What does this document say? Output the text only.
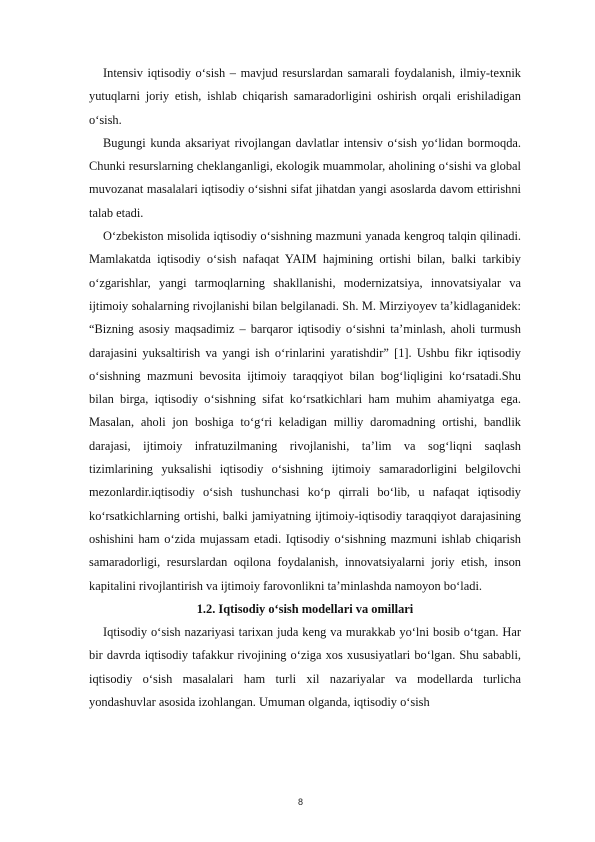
Intensiv iqtisodiy o‘sish – mavjud resurslardan samarali foydalanish, ilmiy-texnik yutuqlarni joriy etish, ishlab chiqarish samaradorligini oshirish orqali erishiladigan o‘sish.

Bugungi kunda aksariyat rivojlangan davlatlar intensiv o‘sish yo‘lidan bormoqda. Chunki resurslarning cheklanganligi, ekologik muammolar, aholining o‘sishi va global muvozanat masalalari iqtisodiy o‘sishni sifat jihatdan yangi asoslarda davom ettirishni talab etadi.

O‘zbekiston misolida iqtisodiy o‘sishning mazmuni yanada kengroq talqin qilinadi. Mamlakatda iqtisodiy o‘sish nafaqat YAIM hajmining ortishi bilan, balki tarkibiy o‘zgarishlar, yangi tarmoqlarning shakllanishi, modernizatsiya, innovatsiyalar va ijtimoiy sohalarning rivojlanishi bilan belgilanadi. Sh. M. Mirziyoyev ta’kidlaganidek: “Bizning asosiy maqsadimiz – barqaror iqtisodiy o‘sishni ta’minlash, aholi turmush darajasini yuksaltirish va yangi ish o‘rinlarini yaratishdir” [1]. Ushbu fikr iqtisodiy o‘sishning mazmuni bevosita ijtimoiy taraqqiyot bilan bog‘liqligini ko‘rsatadi.Shu bilan birga, iqtisodiy o‘sishning sifat ko‘rsatkichlari ham muhim ahamiyatga ega. Masalan, aholi jon boshiga to‘g‘ri keladigan milliy daromadning ortishi, bandlik darajasi, ijtimoiy infratuzilmaning rivojlanishi, ta’lim va sog‘liqni saqlash tizimlarining yuksalishi iqtisodiy o‘sishning ijtimoiy samaradorligini belgilovchi mezonlardir.iqtisodiy o‘sish tushunchasi ko‘p qirrali bo‘lib, u nafaqat iqtisodiy ko‘rsatkichlarning ortishi, balki jamiyatning ijtimoiy-iqtisodiy taraqqiyot darajasining oshishini ham o‘zida mujassam etadi. Iqtisodiy o‘sishning mazmuni ishlab chiqarish samaradorligi, resurslardan oqilona foydalanish, innovatsiyalarni joriy etish, inson kapitalini rivojlantirish va ijtimoiy farovonlikni ta’minlashda namoyon bo‘ladi.

1.2. Iqtisodiy o‘sish modellari va omillari

Iqtisodiy o‘sish nazariyasi tarixan juda keng va murakkab yo‘lni bosib o‘tgan. Har bir davrda iqtisodiy tafakkur rivojining o‘ziga xos xususiyatlari bo‘lgan. Shu sababli, iqtisodiy o‘sish masalalari ham turli xil nazariyalar va modellarda turlicha yondashuvlar asosida izohlangan. Umuman olganda, iqtisodiy o‘sish

8
